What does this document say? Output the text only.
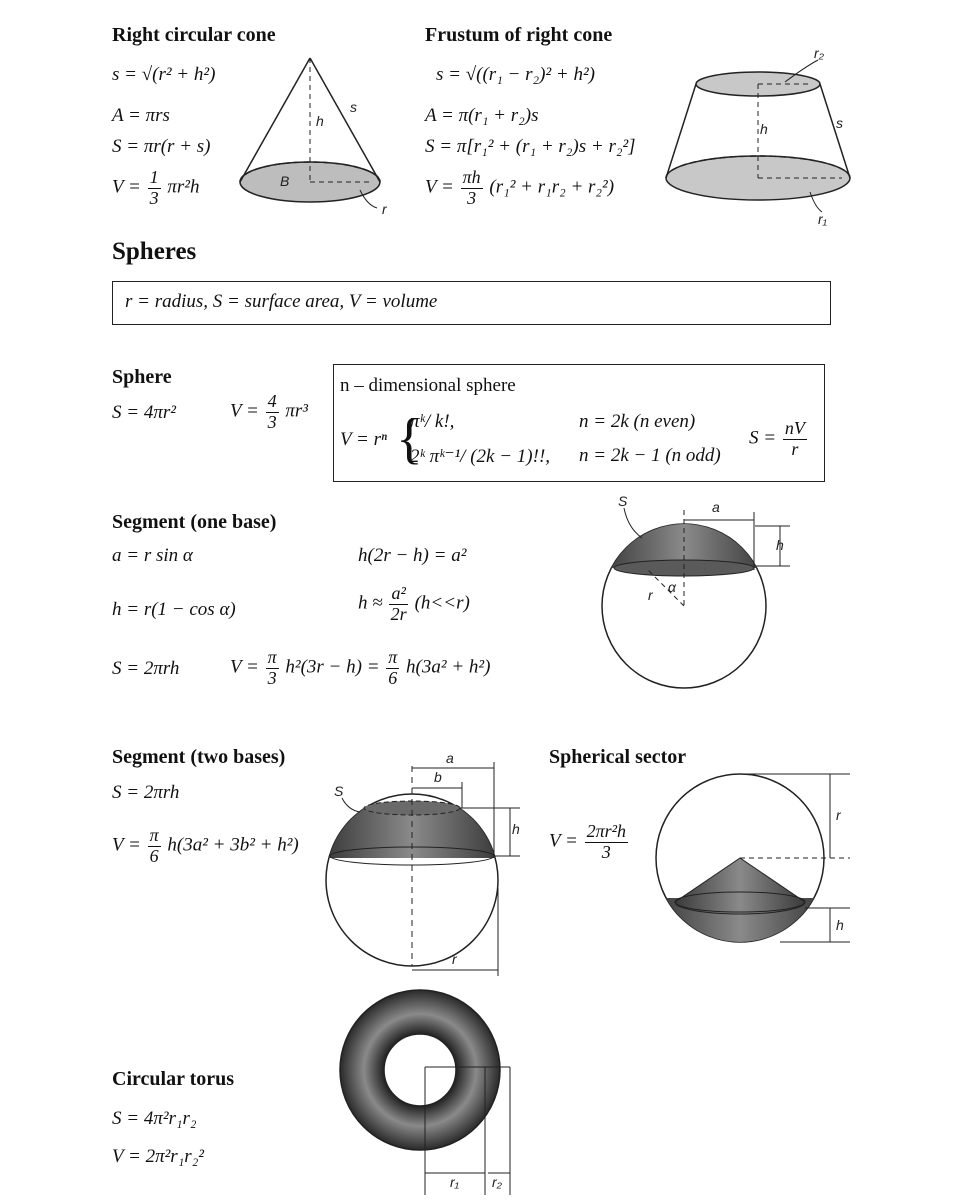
Right circular cone
s = √(r² + h²)
A = πrs
S = πr(r + s)
$V = \frac{1}{3} \pi r^2h$
s
h
B
r
Frustum of right cone
s = √((r₁ − r₂)² + h²)
A = π(r₁ + r₂)s
S = π[r₁² + (r₁ + r₂)s + r₂²]
$V = \frac{\pi h}{3} (r_1^2 + r_1r_2 + r_2^2)$
r₂
h	s
r₁
Spheres
r = radius, S = surface area, V = volume
Sphere
S = 4πr²	$V = \frac{4}{3} \pi r^3$
n – dimensional sphere
V = rⁿ {
πᵏ/ k!,	n = 2k (n even)
2ᵏ πᵏ⁻¹/ (2k − 1)!!, n = 2k − 1 (n odd)
$S = \frac{nV}{r}$
Segment (one base)
a = r sin α	h(2r − h) = a²
h = r(1 − cos α)	$h \approx \frac{\text{a²}}{2r} (h<<r)$
S = 2πrh	$V = \frac{\pi}{3} h^2(3r - h) = \frac{\pi}{6} h(3a^2 + h^2)$
S	a
h
α
r
Segment (two bases)
S = 2πrh
$V = \frac{\pi}{6} h(3a^2 + 3b^2 + h^2)$
a
b
S
h
r
Spherical sector
$V = \frac{\text{2πr²h}}{3}$
r
h
Circular torus
S = 4π²r₁r₂
V = 2π²r₁r₂²
r₁ r₂
